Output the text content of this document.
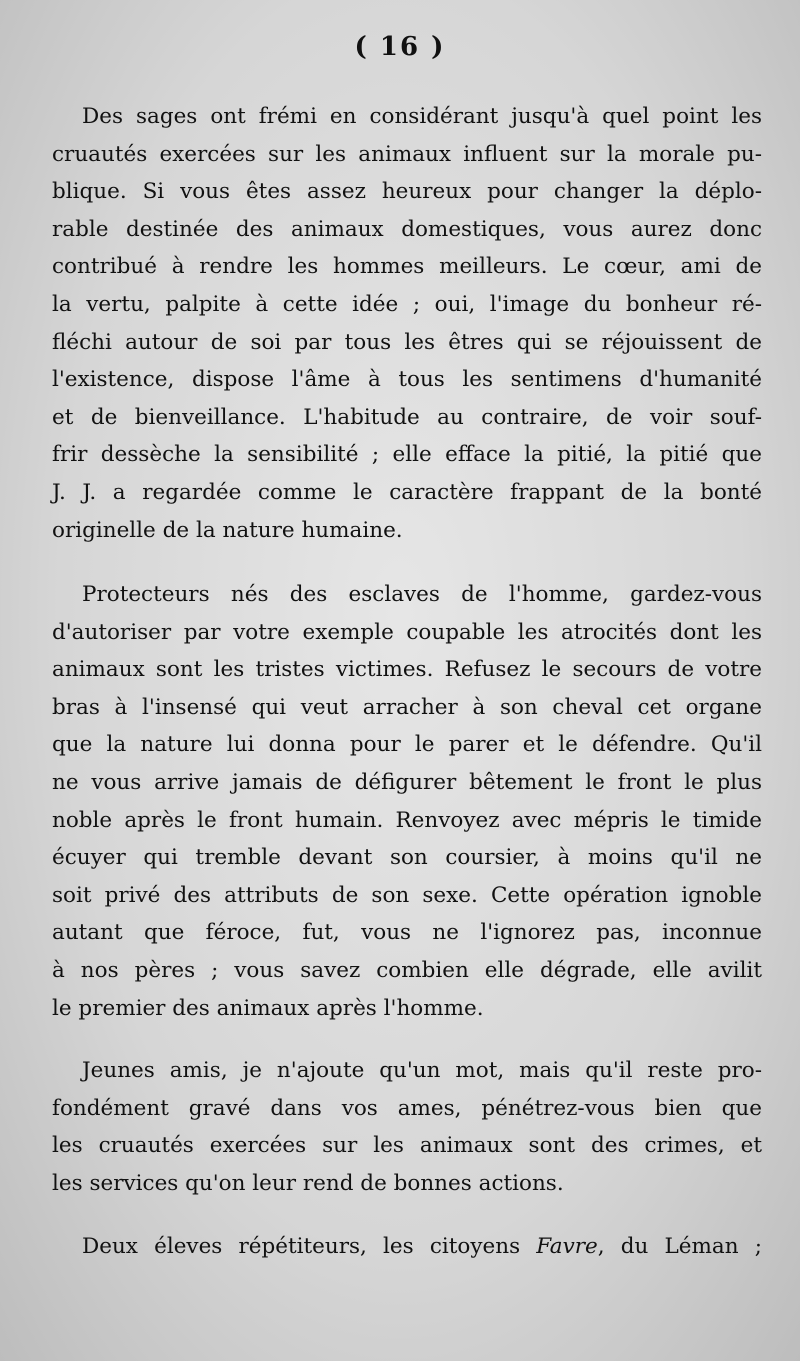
( 16 )
Des sages ont frémi en considérant jusqu'à quel point les
cruautés exercées sur les animaux influent sur la morale pu-
blique. Si vous êtes assez heureux pour changer la déplo-
rable destinée des animaux domestiques, vous aurez donc
contribué à rendre les hommes meilleurs. Le cœur, ami de
la vertu, palpite à cette idée ; oui, l'image du bonheur ré-
fléchi autour de soi par tous les êtres qui se réjouissent de
l'existence, dispose l'âme à tous les sentimens d'humanité
et de bienveillance. L'habitude au contraire, de voir souf-
frir dessèche la sensibilité ; elle efface la pitié, la pitié que
J. J. a regardée comme le caractère frappant de la bonté
originelle de la nature humaine.
Protecteurs nés des esclaves de l'homme, gardez-vous
d'autoriser par votre exemple coupable les atrocités dont les
animaux sont les tristes victimes. Refusez le secours de votre
bras à l'insensé qui veut arracher à son cheval cet organe
que la nature lui donna pour le parer et le défendre. Qu'il
ne vous arrive jamais de défigurer bêtement le front le plus
noble après le front humain. Renvoyez avec mépris le timide
écuyer qui tremble devant son coursier, à moins qu'il ne
soit privé des attributs de son sexe. Cette opération ignoble
autant que féroce, fut, vous ne l'ignorez pas, inconnue
à nos pères ; vous savez combien elle dégrade, elle avilit
le premier des animaux après l'homme.
Jeunes amis, je n'ajoute qu'un mot, mais qu'il reste pro-
fondément gravé dans vos ames, pénétrez-vous bien que
les cruautés exercées sur les animaux sont des crimes, et
les services qu'on leur rend de bonnes actions.
Deux éleves répétiteurs, les citoyens Favre, du Léman ;
